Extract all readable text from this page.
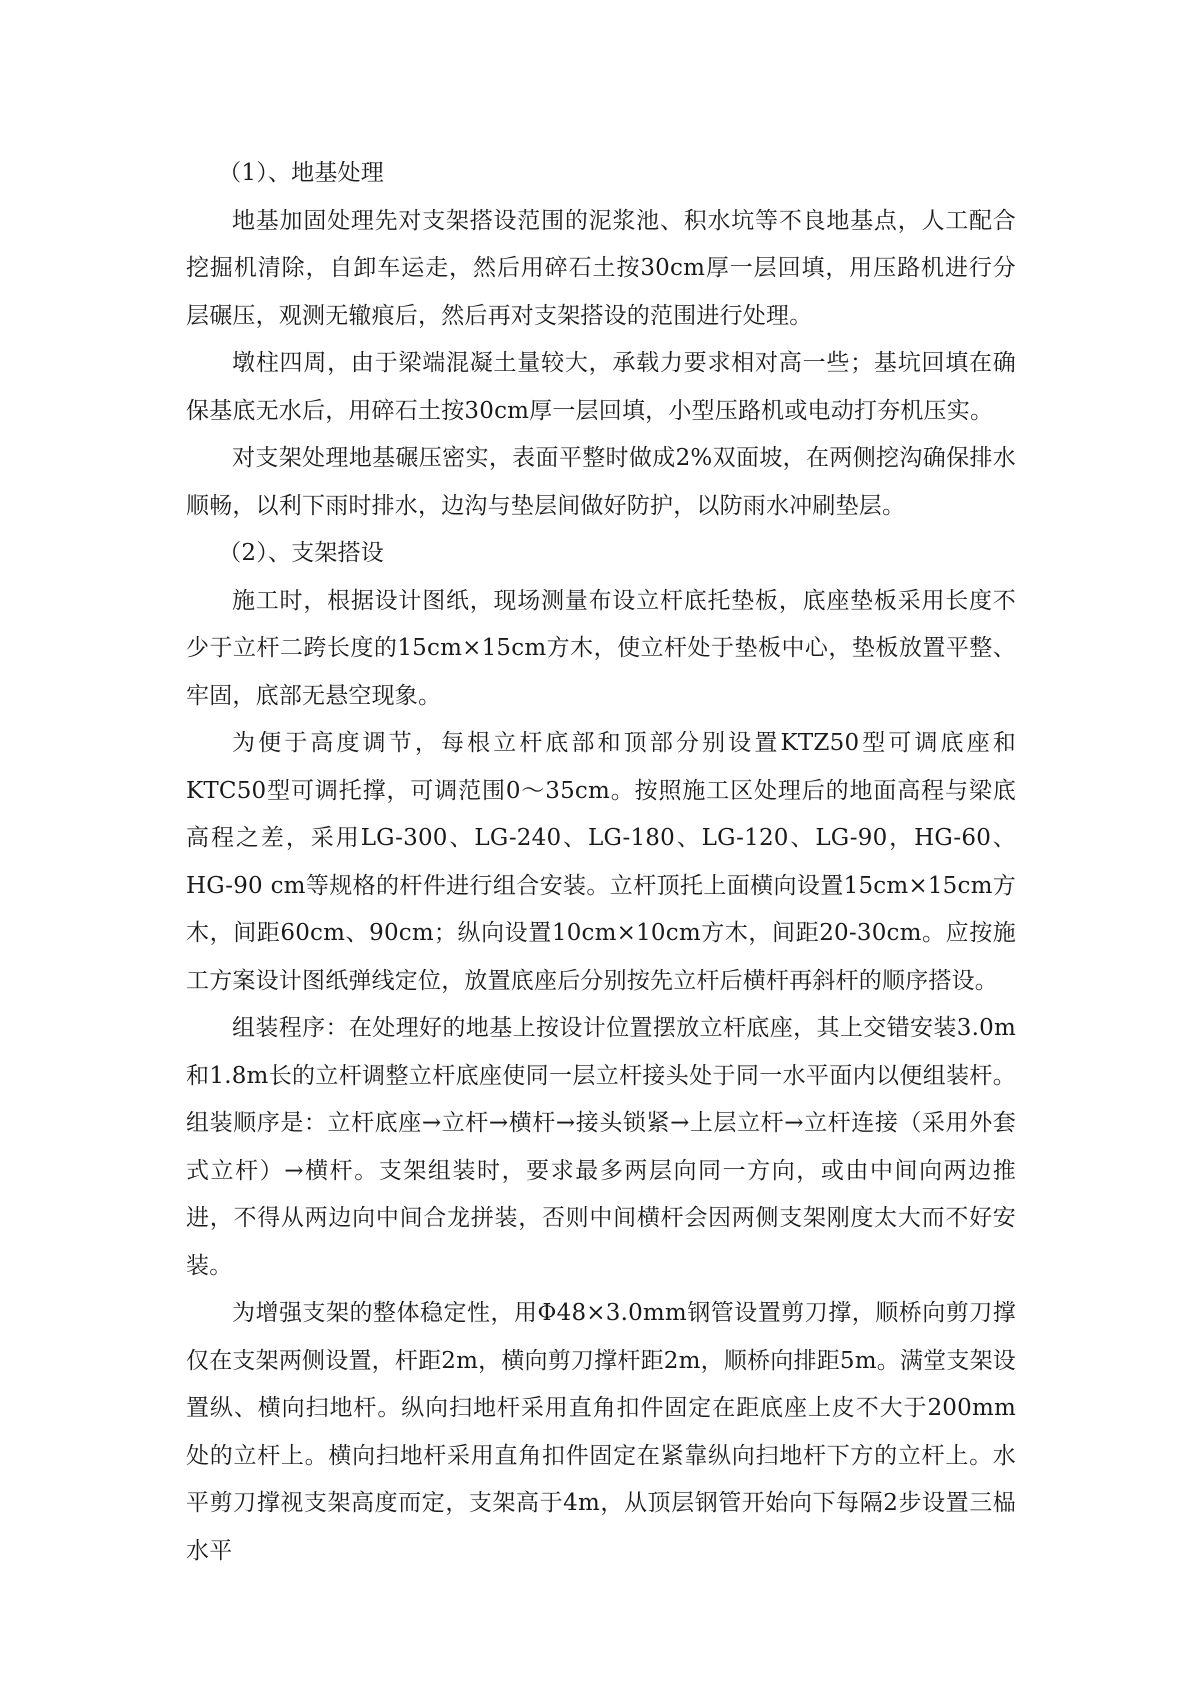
（1）、地基处理

地基加固处理先对支架搭设范围的泥浆池、积水坑等不良地基点，人工配合挖掘机清除，自卸车运走，然后用碎石土按30cm厚一层回填，用压路机进行分层碾压，观测无辙痕后，然后再对支架搭设的范围进行处理。

墩柱四周，由于梁端混凝土量较大，承载力要求相对高一些；基坑回填在确保基底无水后，用碎石土按30cm厚一层回填，小型压路机或电动打夯机压实。

对支架处理地基碾压密实，表面平整时做成2%双面坡，在两侧挖沟确保排水顺畅，以利下雨时排水，边沟与垫层间做好防护，以防雨水冲刷垫层。

（2）、支架搭设

施工时，根据设计图纸，现场测量布设立杆底托垫板，底座垫板采用长度不少于立杆二跨长度的15cm×15cm方木，使立杆处于垫板中心，垫板放置平整、牢固，底部无悬空现象。

为便于高度调节，每根立杆底部和顶部分别设置KTZ50型可调底座和KTC50型可调托撑，可调范围0～35cm。按照施工区处理后的地面高程与梁底高程之差，采用LG-300、LG-240、LG-180、LG-120、LG-90，HG-60、HG-90 cm等规格的杆件进行组合安装。立杆顶托上面横向设置15cm×15cm方木，间距60cm、90cm；纵向设置10cm×10cm方木，间距20-30cm。应按施工方案设计图纸弹线定位，放置底座后分别按先立杆后横杆再斜杆的顺序搭设。

组装程序：在处理好的地基上按设计位置摆放立杆底座，其上交错安装3.0m和1.8m长的立杆调整立杆底座使同一层立杆接头处于同一水平面内以便组装杆。组装顺序是：立杆底座→立杆→横杆→接头锁紧→上层立杆→立杆连接（采用外套式立杆）→横杆。支架组装时，要求最多两层向同一方向，或由中间向两边推进，不得从两边向中间合龙拼装，否则中间横杆会因两侧支架刚度太大而不好安装。

为增强支架的整体稳定性，用Φ48×3.0mm钢管设置剪刀撑，顺桥向剪刀撑仅在支架两侧设置，杆距2m，横向剪刀撑杆距2m，顺桥向排距5m。满堂支架设置纵、横向扫地杆。纵向扫地杆采用直角扣件固定在距底座上皮不大于200mm处的立杆上。横向扫地杆采用直角扣件固定在紧靠纵向扫地杆下方的立杆上。水平剪刀撑视支架高度而定，支架高于4m，从顶层钢管开始向下每隔2步设置三榀水平
